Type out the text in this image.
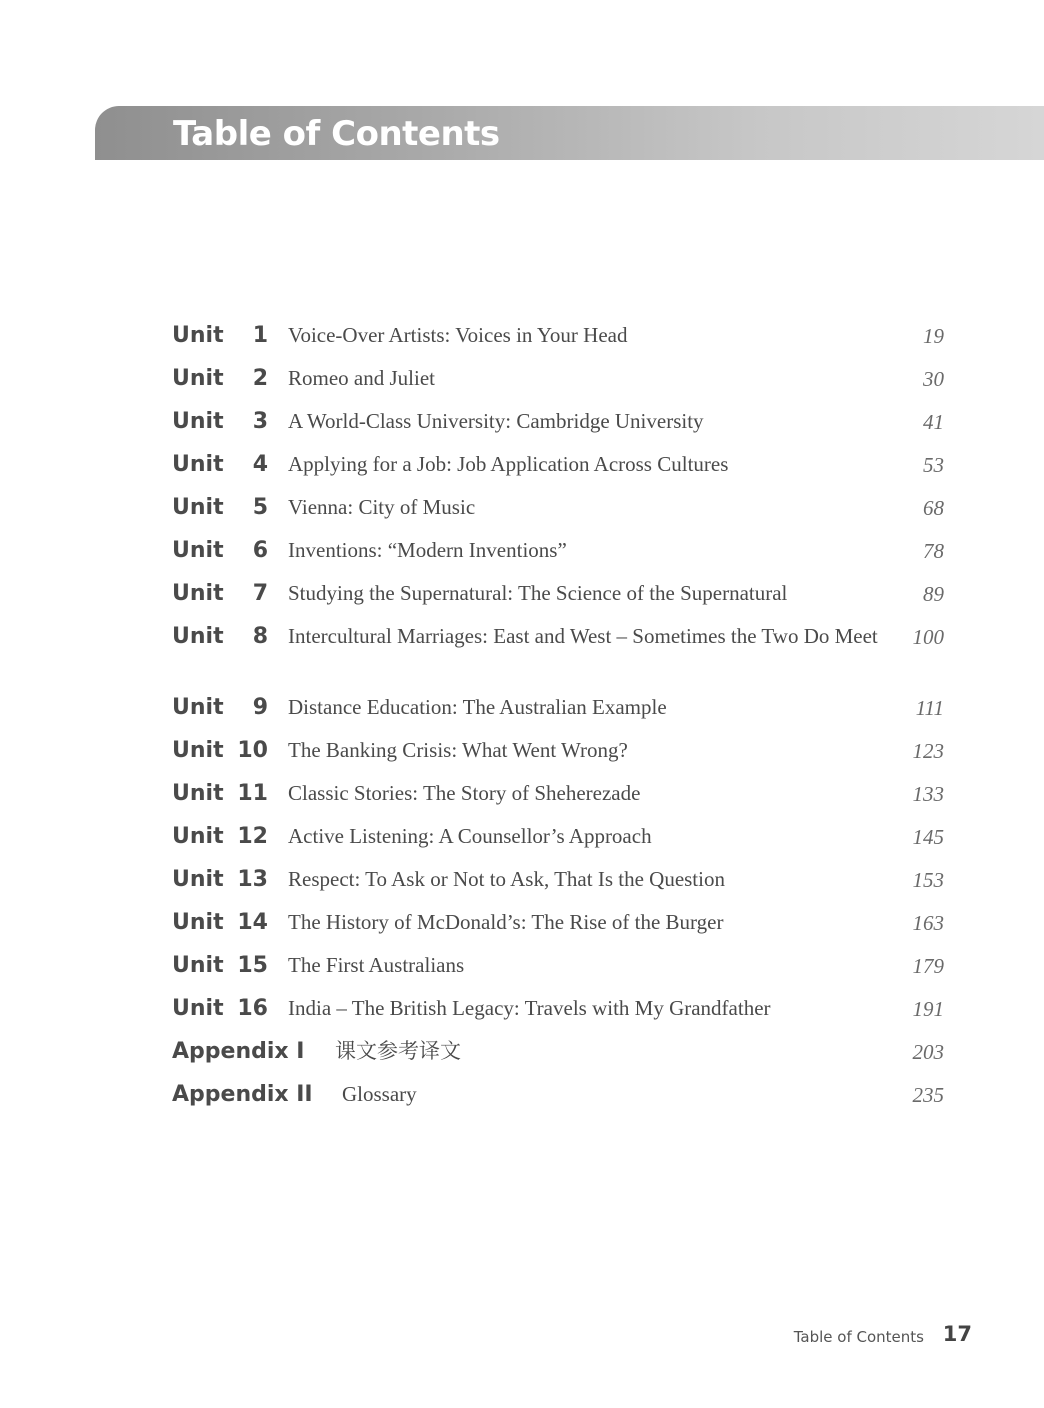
Table of Contents
Unit 1 Voice-Over Artists: Voices in Your Head	19
Unit 2 Romeo and Juliet	30
Unit 3 A World-Class University: Cambridge University	41
Unit 4 Applying for a Job: Job Application Across Cultures	53
Unit 5 Vienna: City of Music	68
Unit 6 Inventions: “Modern Inventions”	78
Unit 7 Studying the Supernatural: The Science of the Supernatural	89
Unit 8 Intercultural Marriages: East and West – Sometimes the Two Do Meet 100
Unit 9 Distance Education: The Australian Example	111
Unit 10 The Banking Crisis: What Went Wrong?	123
Unit 11 Classic Stories: The Story of Sheherezade	133
Unit 12 Active Listening: A Counsellor’s Approach	145
Unit 13 Respect: To Ask or Not to Ask, That Is the Question	153
Unit 14 The History of McDonald’s: The Rise of the Burger	163
Unit 15 The First Australians	179
Unit 16 India – The British Legacy: Travels with My Grandfather	191
Appendix I 课文参考译文	203
Appendix II Glossary	235
Table of Contents 17
